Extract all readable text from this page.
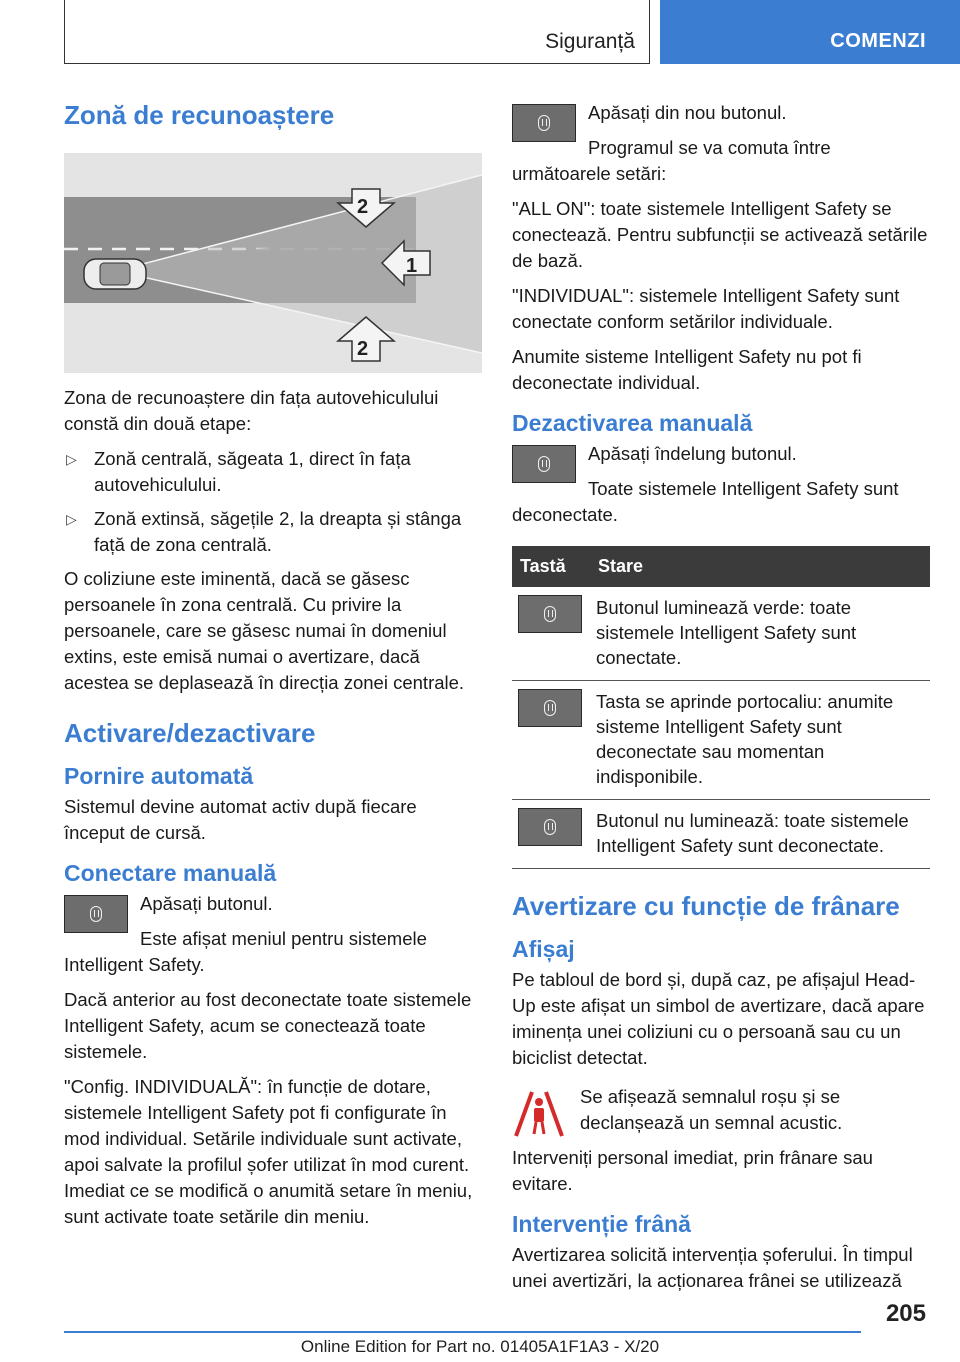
Siguranță	COMENZI
Zonă de recunoaștere
1
2
2

Zona de recunoaștere din fața autovehiculului constă din două etape:

▷ Zonă centrală, săgeata 1, direct în fața autovehiculului.
▷ Zonă extinsă, săgețile 2, la dreapta și stânga față de zona centrală.

O coliziune este iminentă, dacă se găsesc persoanele în zona centrală. Cu privire la persoanele, care se găsesc numai în domeniul extins, este emisă numai o avertizare, dacă acestea se deplasează în direcția zonei centrale.

Activare/dezactivare
Pornire automată

Sistemul devine automat activ după fiecare început de cursă.

Conectare manuală

Apăsați butonul.

Este afișat meniul pentru sistemele Intelligent Safety.

Dacă anterior au fost deconectate toate sistemele Intelligent Safety, acum se conectează toate sistemele.

"Config. INDIVIDUALĂ": în funcție de dotare, sistemele Intelligent Safety pot fi configurate în mod individual. Setările individuale sunt activate, apoi salvate la profilul șofer utilizat în mod curent. Imediat ce se modifică o anumită setare în meniu, sunt activate toate setările din meniu.

Apăsați din nou butonul.

Programul se va comuta între următoarele setări:

"ALL ON": toate sistemele Intelligent Safety se conectează. Pentru subfuncții se activează setările de bază.

"INDIVIDUAL": sistemele Intelligent Safety sunt conectate conform setărilor individuale.

Anumite sisteme Intelligent Safety nu pot fi deconectate individual.

Dezactivarea manuală

Apăsați îndelung butonul.

Toate sistemele Intelligent Safety sunt deconectate.

Tastă	Stare

	Butonul luminează verde: toate sistemele Intelligent Safety sunt conectate.

	Tasta se aprinde portocaliu: anumite sisteme Intelligent Safety sunt deconectate sau momentan indisponibile.

	Butonul nu luminează: toate sistemele Intelligent Safety sunt deconectate.
Avertizare cu funcție de frânare
Afișaj

Pe tabloul de bord și, după caz, pe afișajul Head-Up este afișat un simbol de avertizare, dacă apare iminența unei coliziuni cu o persoană sau cu un biciclist detectat.

Se afișează semnalul roșu și se declanșează un semnal acustic.

Interveniți personal imediat, prin frânare sau evitare.

Intervenție frână

Avertizarea solicită intervenția șoferului. În timpul unei avertizări, la acționarea frânei se utilizează

205
Online Edition for Part no. 01405A1F1A3 - X/20
